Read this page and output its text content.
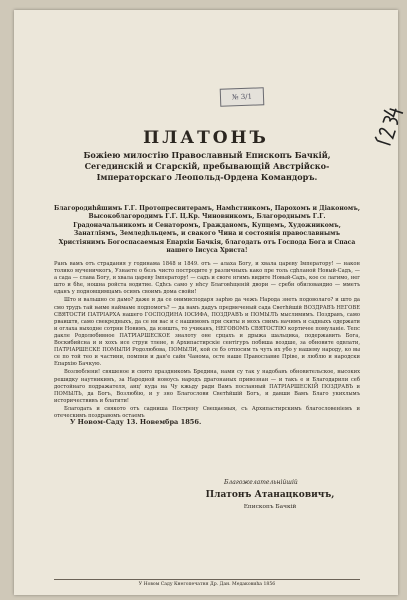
№ 3/1
ПЛАТОНЪ
Божiею милостiю Православный Епископъ Бачкiй, Сегединскiй и Сгарскiй, пребывающiй Австрiйско-Iмператорскаго Леопольд-Ордена Командоръ.
Благородиhйшимъ Г.Г. Протопресвитерамъ, Намhстникомъ, Парохомъ и Дiакономъ, Высокоблагородимъ Г.Г. Ц.Кр. Чиновникомъ, Благороднымъ Г.Г. Градоначальникомъ и Сенаторомъ, Гражданомъ, Купцемъ, Художникомъ, Занатлiямъ, Земледhльцемъ, и свакого Чина и состоянiя православнымъ Христiянимъ Богоспасаемыя Епархiи Бачкiя, благодать отъ Господа Бога и Спаса нашего Iисуса Христа!

Ранъ вамъ отъ страдания у годинама 1848 и 1849. отъ — алаха Богу, и хвала цареву Iмператору! — након толико мученичкогъ, Узнаете о безъ чисто постродите у различныхъ како пре толь сдhланой Новый-Садъ, — а сада — слава Богу, и хвала цареву Iмператору! — садъ и своге нгимъ видите Новый-Садъ, кое се лагимо, нег што и бhе, ношна ройста водитие. Сдhсь само у нhсу Благовhщенiй двори — сребн обиловандио — мметъ еданъ у подновщимцамъ осимъ своимъ дома свойи!

Што и вальшно се дамо? даже и да се онимисподаря зарhю да чежъ Народа знеть подоволаго? и што да смо трудъ тай њиме наймаме подпомогъ? — да вамъ дадуъ предмеченый сада Светhйшiй ВОЗДРАВЪ НЕГОВЕ СВЯТОСТИ ПАТРIАРХА нашего ГОСПОДИНА IОСИФА, ПОЗДРАВЪ и ПОМЫЛЪ мыслимимъ. Поздравъ, само рваиштв, само свекредныхъ, да се ни вас и с нашимомъ при скиты и мохъ свимъ начимъ и садныхъ одержати и оглаха выходне сотрни Новимъ, да изишть, то учиканъ, НЕГОВОМЪ СВЯТОСТIЮ кортичее помуланiе. Тепс дакле Родолюбивное ПАТРIАРШЕСКОЕ зналоту оне срцахъ и дрыжа шальцика, подержавить Бога, Воскибийсна и и хохъ исе струи тлене, в Архипастирскiе сентiгуръ побиша воздше, за обновите одвлати, ПАТРIАРШЕСКЕ ПОМЫЛИ Родолюбова, ПОМЫЛИ, кой се бэ отпосим ть чуть их убо у нашему народу, ко вы се по той тео и частини, помпни и дан'е сайн Чанома, осте наше Православие Прiве, и люблю и народски Епархiю Бачкую.

Возлюблени! свяшеное и свято праздникомъ Бредина, нами су так у надобавъ обновительское, высоких решидку наутникимъ, за Народной новоусь народъ драгонаных привознан — и такъ е и Благодарили себ достойнаго подражателя, анц' куда на Чу кжьду ради Вамъ посланный ПАТРIАРШЕСКIЙ ПОЗДРАВЪ и ПОМЫЛЪ, да Богъ, Возлюбiю, и у зно Благослови Светhйшiй Богъ, и давши Вамъ Благо укихлымъ историчествивъ и блатити!

Благодать и свякото отъ садниша Пострену Свещаемыя, съ Архипастирскимъ благословенiемъ и отеческимъ поздравомъ остаемъ

У Новом-Саду 13. Новембра 1856.
Благожелательнiйшiй
Платонъ Атанацковичъ,
Епископъ Бачкiй
У Новом Саду Кнегопечатня Др. Дан. Медаковиhа 1856
